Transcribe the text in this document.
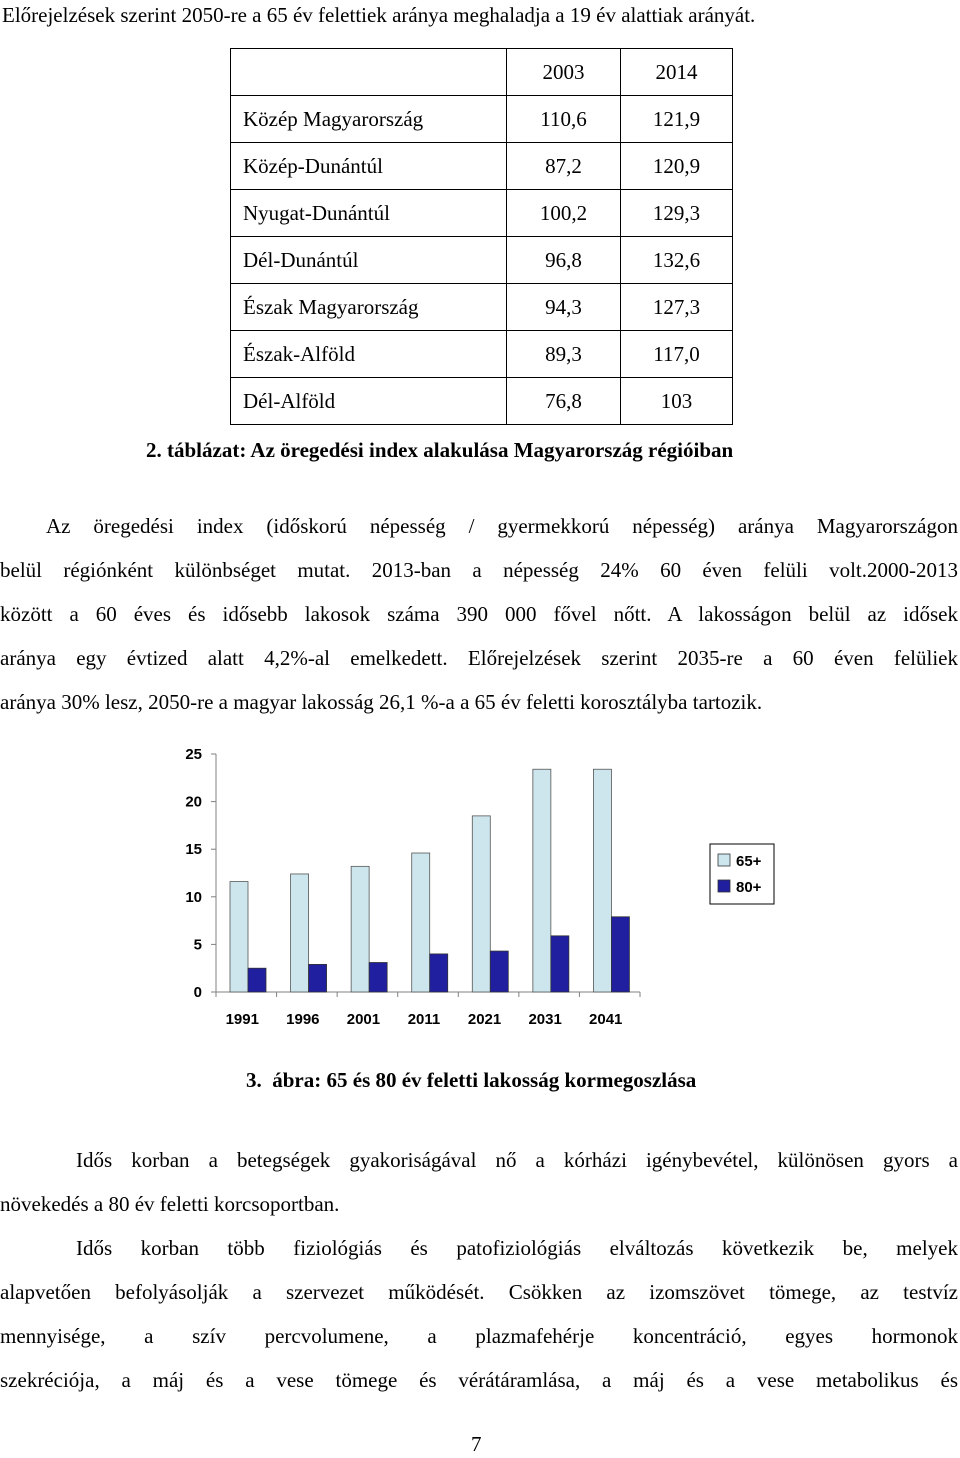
Előrejelzések szerint 2050-re a 65 év felettiek aránya meghaladja a 19 év alattiak arányát.
	2003	2014
Közép Magyarország	110,6	121,9
Közép-Dunántúl	87,2	120,9
Nyugat-Dunántúl	100,2	129,3
Dél-Dunántúl	96,8	132,6
Észak Magyarország	94,3	127,3
Észak-Alföld	89,3	117,0
Dél-Alföld	76,8	103
2. táblázat: Az öregedési index alakulása Magyarország régióiban
Az öregedési index (időskorú népesség / gyermekkorú népesség) aránya Magyarországon
belül régiónként különbséget mutat. 2013-ban a népesség 24% 60 éven felüli volt.2000-2013
között a 60 éves és idősebb lakosok száma 390 000 fővel nőtt. A lakosságon belül az idősek
aránya egy évtized alatt 4,2%-al emelkedett. Előrejelzések szerint 2035-re a 60 éven felüliek
aránya 30% lesz, 2050-re a magyar lakosság 26,1 %-a a 65 év feletti korosztályba tartozik.
0
5
10
15
20
25
1991 1996 2001 2011 2021 2031 2041
65+
80+
3.  ábra: 65 és 80 év feletti lakosság kormegoszlása
Idős korban a betegségek gyakoriságával nő a kórházi igénybevétel, különösen gyors a
növekedés a 80 év feletti korcsoportban.
Idős korban több fiziológiás és patofiziológiás elváltozás következik be, melyek
alapvetően befolyásolják a szervezet működését. Csökken az izomszövet tömege, az testvíz
mennyisége, a szív percvolumene, a plazmafehérje koncentráció, egyes hormonok
szekréciója, a máj és a vese tömege és vérátáramlása, a máj és a vese metabolikus és
7
